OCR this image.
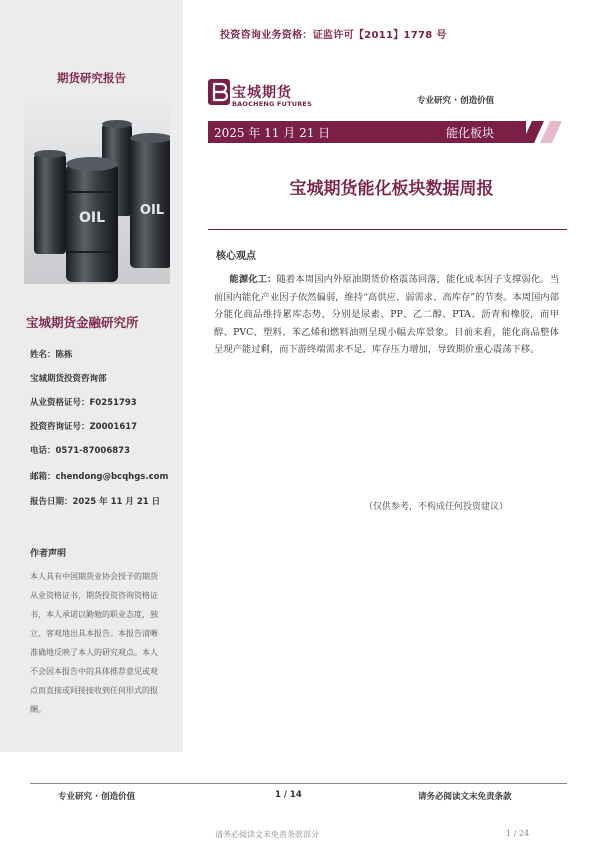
投资咨询业务资格：证监许可【2011】1778 号
期货研究报告
OIL	OIL
宝城期货金融研究所
姓名：陈栋
宝城期货投资咨询部
从业资格证号：F0251793
投资咨询证号：Z0001617
电话：0571-87006873
邮箱：chendong@bcqhgs.com
报告日期：2025 年 11 月 21 日
作者声明
本人具有中国期货业协会授予的期货从业资格证书，期货投资咨询资格证书，本人承诺以勤勉的职业态度，独立、客观地出具本报告。本报告清晰准确地反映了本人的研究观点。本人不会因本报告中的具体推荐意见或观点而直接或间接接收到任何形式的报酬。
宝城期货
BAOCHENG FUTURES	专业研究 · 创造价值
2025 年 11 月 21 日	能化板块
宝城期货能化板块数据周报
核心观点
能源化工：随着本周国内外原油期货价格震荡回落，能化成本因子支撑弱化。当前国内能化产业因子依然偏弱，维持“高供应、弱需求、高库存”的节奏。本周国内部分能化商品维持累库态势，分别是尿素、PP、乙二醇、PTA、沥青和橡胶，而甲醇、PVC、塑料、苯乙烯和燃料油则呈现小幅去库景象。目前来看，能化商品整体呈现产能过剩，而下游终端需求不足，库存压力增加，导致期价重心震荡下移。
（仅供参考，不构成任何投资建议）
专业研究 · 创造价值	1 / 14	请务必阅读文末免责条款
请务必阅读文末免责条款部分	1 / 24
